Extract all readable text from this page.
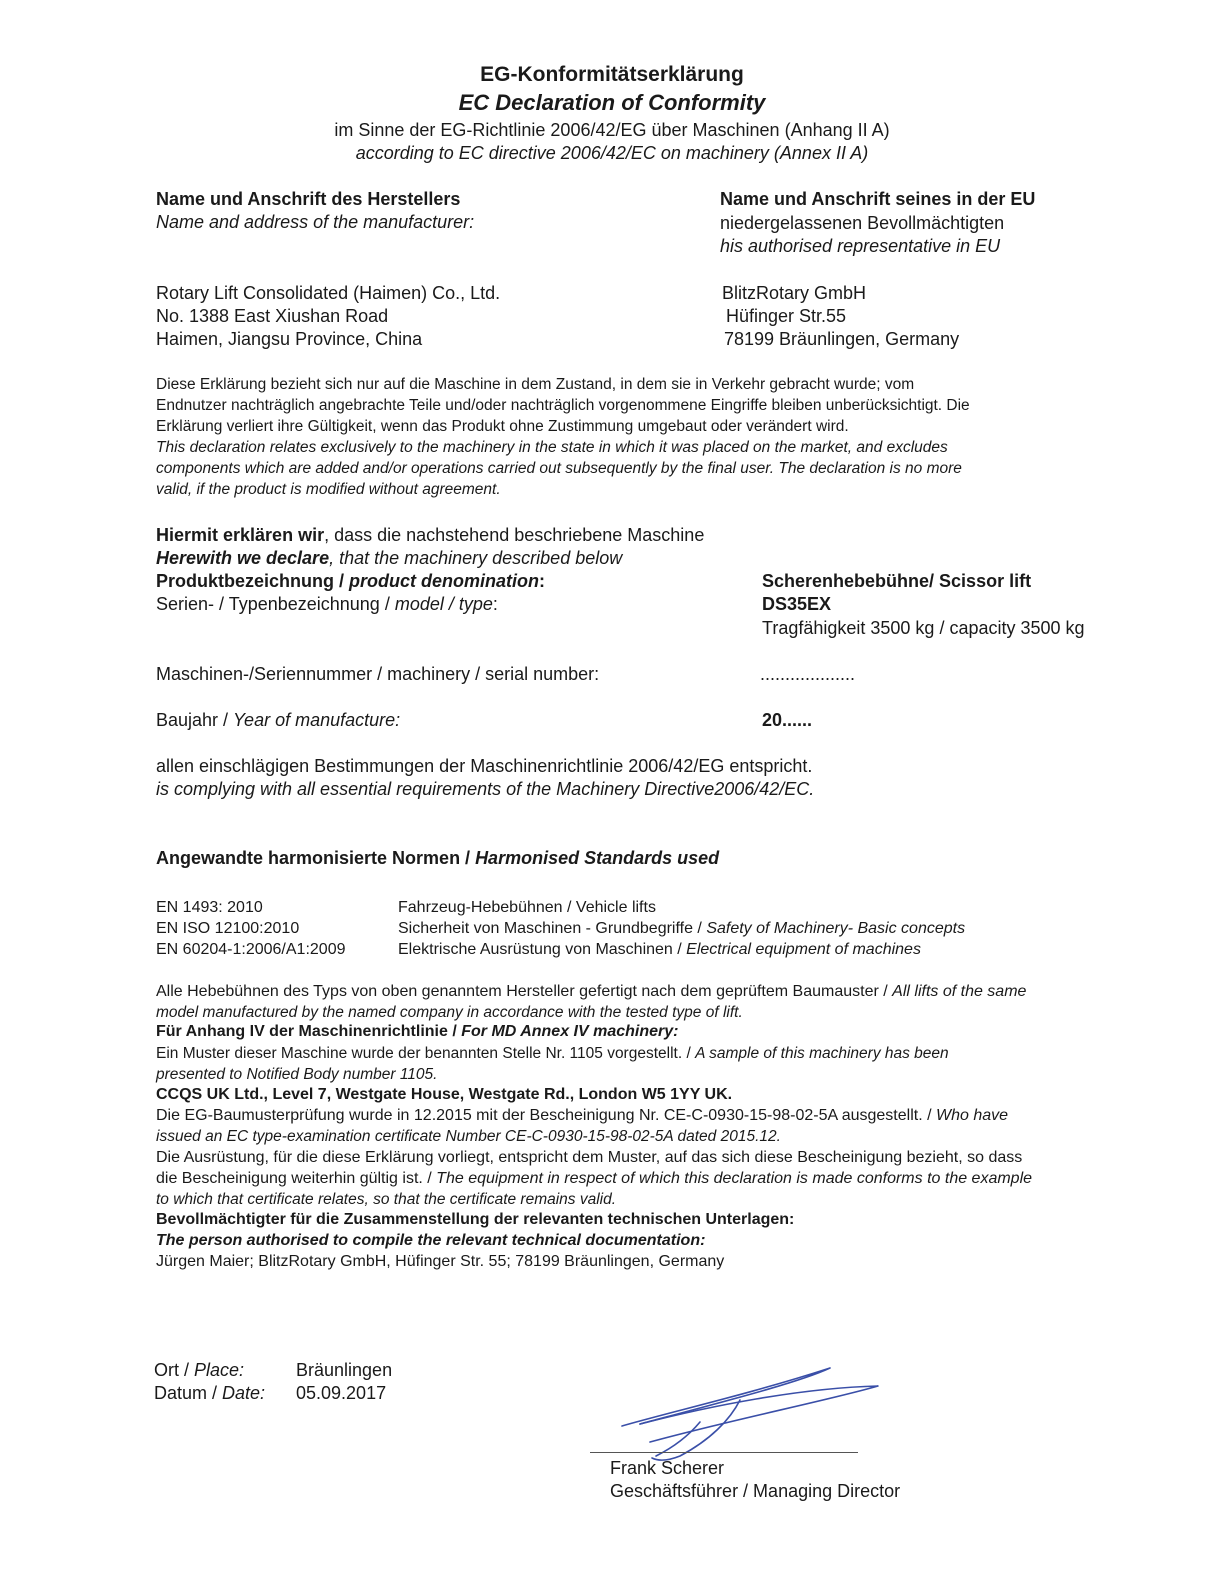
EG-Konformitätserklärung
EC Declaration of Conformity
im Sinne der EG-Richtlinie 2006/42/EG über Maschinen (Anhang II A)
according to EC directive 2006/42/EC on machinery (Annex II A)
Name und Anschrift des Herstellers
Name and address of the manufacturer:
Rotary Lift Consolidated (Haimen) Co., Ltd.
No. 1388 East Xiushan Road
Haimen, Jiangsu Province, China
Name und Anschrift seines in der EU
niedergelassenen Bevollmächtigten
his authorised representative in EU
BlitzRotary GmbH
Hüfinger Str.55
78199 Bräunlingen, Germany
Diese Erklärung bezieht sich nur auf die Maschine in dem Zustand, in dem sie in Verkehr gebracht wurde; vom
Endnutzer nachträglich angebrachte Teile und/oder nachträglich vorgenommene Eingriffe bleiben unberücksichtigt. Die
Erklärung verliert ihre Gültigkeit, wenn das Produkt ohne Zustimmung umgebaut oder verändert wird.
This declaration relates exclusively to the machinery in the state in which it was placed on the market, and excludes
components which are added and/or operations carried out subsequently by the final user. The declaration is no more
valid, if the product is modified without agreement.
Hiermit erklären wir, dass die nachstehend beschriebene Maschine
Herewith we declare, that the machinery described below
Produktbezeichnung / product denomination:	Scherenhebebühne/ Scissor lift
Serien- / Typenbezeichnung / model / type:	DS35EX
Tragfähigkeit 3500 kg / capacity 3500 kg
Maschinen-/Seriennummer / machinery / serial number:	...................
Baujahr / Year of manufacture:	20......
allen einschlägigen Bestimmungen der Maschinenrichtlinie 2006/42/EG entspricht.
is complying with all essential requirements of the Machinery Directive2006/42/EC.
Angewandte harmonisierte Normen / Harmonised Standards used
EN 1493: 2010	Fahrzeug-Hebebühnen / Vehicle lifts
EN ISO 12100:2010	Sicherheit von Maschinen - Grundbegriffe / Safety of Machinery- Basic concepts
EN 60204-1:2006/A1:2009	Elektrische Ausrüstung von Maschinen / Electrical equipment of machines
Alle Hebebühnen des Typs von oben genanntem Hersteller gefertigt nach dem geprüftem Baumauster / All lifts of the same
model manufactured by the named company in accordance with the tested type of lift.
Für Anhang IV der Maschinenrichtlinie / For MD Annex IV machinery:
Ein Muster dieser Maschine wurde der benannten Stelle Nr. 1105 vorgestellt. / A sample of this machinery has been
presented to Notified Body number 1105.
CCQS UK Ltd., Level 7, Westgate House, Westgate Rd., London W5 1YY UK.
Die EG-Baumusterprüfung wurde in 12.2015 mit der Bescheinigung Nr. CE-C-0930-15-98-02-5A ausgestellt. / Who have
issued an EC type-examination certificate Number CE-C-0930-15-98-02-5A dated 2015.12.
Die Ausrüstung, für die diese Erklärung vorliegt, entspricht dem Muster, auf das sich diese Bescheinigung bezieht, so dass
die Bescheinigung weiterhin gültig ist. / The equipment in respect of which this declaration is made conforms to the example
to which that certificate relates, so that the certificate remains valid.
Bevollmächtigter für die Zusammenstellung der relevanten technischen Unterlagen:
The person authorised to compile the relevant technical documentation:
Jürgen Maier; BlitzRotary GmbH, Hüfinger Str. 55; 78199 Bräunlingen, Germany
Ort / Place:	Bräunlingen
Datum / Date: 05.09.2017
Frank Scherer
Geschäftsführer / Managing Director
